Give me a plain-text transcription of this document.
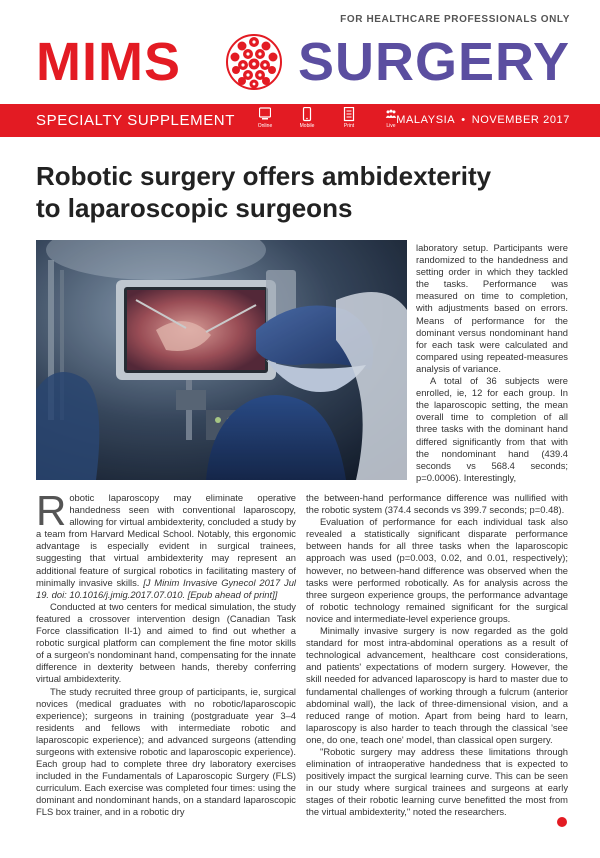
FOR HEALTHCARE PROFESSIONALS ONLY
MIMS SURGERY
SPECIALTY SUPPLEMENT	Online	Mobile	Print	Live MALAYSIA • NOVEMBER 2017
Robotic surgery offers ambidexterity
to laparoscopic surgeons

laboratory setup. Participants were randomized to the handedness and setting order in which they tackled the tasks. Performance was measured on time to completion, with adjustments based on errors. Means of performance for the dominant versus nondominant hand for each task were calculated and compared using repeated-measures analysis of variance.

A total of 36 subjects were enrolled, ie, 12 for each group. In the laparoscopic setting, the mean overall time to completion of all three tasks with the dominant hand differed significantly from that with the nondominant hand (439.4 seconds vs 568.4 seconds; p=0.0006). Interestingly,

Robotic laparoscopy may eliminate operative handedness seen with conventional laparoscopy, allowing for virtual ambidexterity, concluded a study by a team from Harvard Medical School. Notably, this ergonomic advantage is especially evident in surgical trainees, suggesting that virtual ambidexterity may represent an additional feature of surgical robotics in facilitating mastery of minimally invasive skills. [J Minim Invasive Gynecol 2017 Jul 19. doi: 10.1016/j.jmig.2017.07.010. [Epub ahead of print]]

Conducted at two centers for medical simulation, the study featured a crossover intervention design (Canadian Task Force classification II-1) and aimed to find out whether a robotic surgical platform can complement the fine motor skills of a surgeon's nondominant hand, compensating for the innate difference in dexterity between hands, thereby conferring virtual ambidexterity.

The study recruited three group of participants, ie, surgical novices (medical graduates with no robotic/laparoscopic experience); surgeons in training (postgraduate year 3–4 residents and fellows with intermediate robotic and laparoscopic experience); and advanced surgeons (attending surgeons with extensive robotic and laparoscopic experience). Each group had to complete three dry laboratory exercises included in the Fundamentals of Laparoscopic Surgery (FLS) curriculum. Each exercise was completed four times: using the dominant and nondominant hands, on a standard laparoscopic FLS box trainer, and in a robotic dry

the between-hand performance difference was nullified with the robotic system (374.4 seconds vs 399.7 seconds; p=0.48).

Evaluation of performance for each individual task also revealed a statistically significant disparate performance between hands for all three tasks when the laparoscopic approach was used (p=0.003, 0.02, and 0.01, respectively); however, no between-hand difference was observed when the tasks were performed robotically. As for analysis across the three surgeon experience groups, the performance advantage of robotic technology remained significant for the surgical novice and intermediate-level experience groups.

Minimally invasive surgery is now regarded as the gold standard for most intra-abdominal operations as a result of technological advancement, healthcare cost considerations, and patients' expectations of modern surgery. However, the skill needed for advanced laparoscopy is hard to master due to fundamental challenges of working through a fulcrum (anterior abdominal wall), the lack of three-dimensional vision, and a reduced range of motion. Apart from being hard to learn, laparoscopy is also harder to teach through the classical 'see one, do one, teach one' model, than classical open surgery.

"Robotic surgery may address these limitations through elimination of intraoperative handedness that is expected to positively impact the surgical learning curve. This can be seen in our study where surgical trainees and surgeons at early stages of their robotic learning curve benefitted the most from the virtual ambidexterity," noted the researchers.
